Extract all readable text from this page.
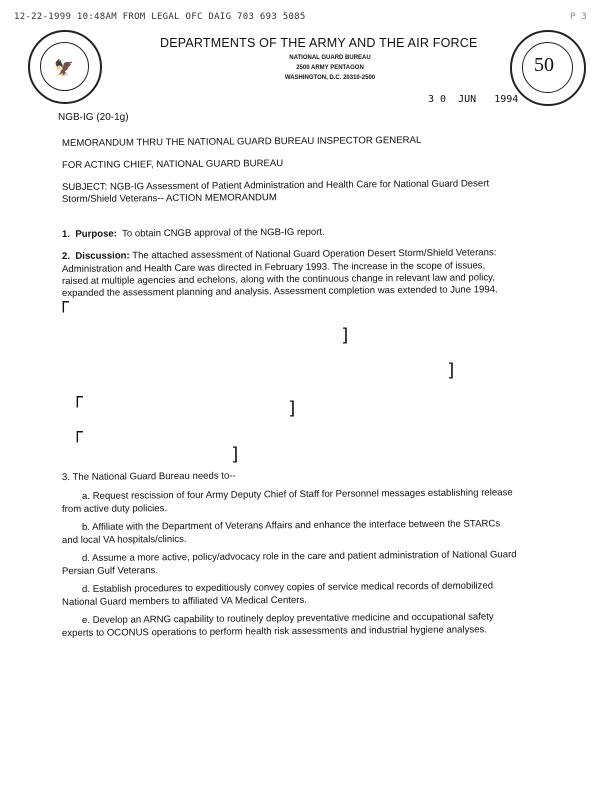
12-22-1999 10:48AM FROM LEGAL OFC DAIG 703 693 5085	P 3
🦅	50
DEPARTMENTS OF THE ARMY AND THE AIR FORCE
NATIONAL GUARD BUREAU
2500 ARMY PENTAGON
WASHINGTON, D.C. 20310-2500
3 0  JUN   1994
NGB-IG (20-1g)
MEMORANDUM THRU THE NATIONAL GUARD BUREAU INSPECTOR GENERAL
FOR ACTING CHIEF, NATIONAL GUARD BUREAU
SUBJECT: NGB-IG Assessment of Patient Administration and Health Care for National Guard Desert
Storm/Shield Veterans-- ACTION MEMORANDUM
1.  Purpose:  To obtain CNGB approval of the NGB-IG report.
2.  Discussion: The attached assessment of National Guard Operation Desert Storm/Shield Veterans:
Administration and Health Care was directed in February 1993. The increase in the scope of issues,
raised at multiple agencies and echelons, along with the continuous change in relevant law and policy,
expanded the assessment planning and analysis. Assessment completion was extended to June 1994.
┌
]
]
┌
]
┌
]
3. The National Guard Bureau needs to--
a. Request rescission of four Army Deputy Chief of Staff for Personnel messages establishing release
from active duty policies.
b. Affiliate with the Department of Veterans Affairs and enhance the interface between the STARCs
and local VA hospitals/clinics.
d. Assume a more active, policy/advocacy role in the care and patient administration of National Guard
Persian Gulf Veterans.
d. Establish procedures to expeditiously convey copies of service medical records of demobilized
National Guard members to affiliated VA Medical Centers.
e. Develop an ARNG capability to routinely deploy preventative medicine and occupational safety
experts to OCONUS operations to perform health risk assessments and industrial hygiene analyses.
